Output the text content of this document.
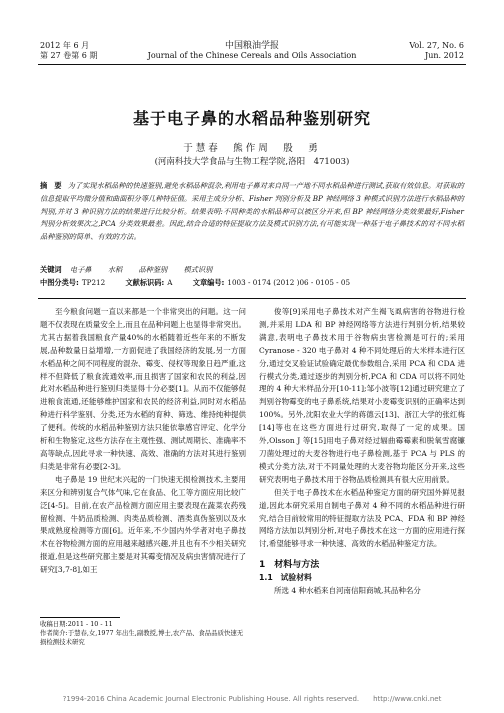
2012 年 6 月
第 27 卷第 6 期
中国粮油学报
Journal of the Chinese Cereals and Oils Association
Vol. 27, No. 6
Jun. 2012
基于电子鼻的水稻品种鉴别研究
于慧春　熊作周　殷　勇
(河南科技大学食品与生物工程学院,洛阳　471003)
摘　要 为了实现水稻品种的快速鉴别,避免水稻品种混杂,利用电子鼻对来自同一产地不同水稻品种进行测试,获取有效信息。对获取的信息提取平均微分值和曲面积分等几种特征值。采用主成分分析、Fisher 判别分析及 BP 神经网络 3 种模式识别方法进行水稻品种的判别,并对 3 种识别方法的结果进行比较分析。结果表明:不同种类的水稻品种可以被区分开来,但 BP 神经网络分类效果最好,Fisher 判别分析效果次之,PCA 分类效果最差。因此,结合合适的特征提取方法及模式识别方法,有可能实现一种基于电子鼻技术的对不同水稻品种鉴别的简单、有效的方法。
关键词 电子鼻 水稻 品种鉴别 模式识别
中图分类号: TP212	文献标识码: A	文章编号: 1003 - 0174 (2012 )06 - 0105 - 05

至今粮食问题一直以来都是一个非常突出的问题。这一问题不仅表现在质量安全上,而且在品种问题上也显得非常突出。尤其古据着我国粮食产量40%的水稻随着近些年来的不断发展,品种数量日益增增,一方面促进了我国经济的发展,另一方面水稻品种之间不同程度的混杂、霉变、侵权等现象日趋严重,这样不但降低了粮食流通效率,而且损害了国家和农民的利益,因此对水稻品种进行鉴别归类显得十分必要[1]。从而不仅能够促进粮食流通,还能够维护国家和农民的经济利益,同时对水稻品种进行科学鉴别、分类,还为水稻的育种、筛选、维持纯种提供了便利。传统的水稻品种鉴别方法只能依靠感官评定、化学分析和生物鉴定,这些方法存在主观性强、测试周期长、准确率不高等缺点,因此寻求一种快速、高效、准确的方法对其进行鉴别归类是非常有必要[2-3]。

电子鼻是 19 世纪末兴起的一门快速无损检测技术,主要用来区分和辨别复合气体气味,它在食品、化工等方面应用比较广泛[4-5]。目前,在农产品检测方面应用主要表现在蔬菜农药残留检测、牛奶品质检测、肉类品质检测、酒类真伪鉴别以及水果成熟度检测等方面[6]。近年来,不少国内外学者对电子鼻技术在谷物检测方面的应用越来越感兴趣,并且也有不少相关研究报道,但是这些研究都主要是对其霉变情况及病虫害情况进行了研究[3,7-8],如王

俊等[9]采用电子鼻技术对产生褐飞虱病害的谷物进行检测,并采用 LDA 和 BP 神经网络等方法进行判别分析,结果较满意,表明电子鼻技术用于谷物病虫害检测是可行的;采用 Cyranose - 320 电子鼻对 4 种不同处理后的大米样本进行区分,通过交叉验证试验确定最优参数组合,采用 PCA 和 CDA 进行模式分类,通过逐步的判别分析,PCA 和 CDA 可以将不同处理的 4 种大米样品分开[10-11];邹小波等[12]通过研究建立了判别谷物霉变的电子鼻系统,结果对小麦霉变识别的正确率达到 100%。另外,沈阳农业大学的蒋德云[13]、浙江大学的张红梅[14]等也在这些方面进行过研究,取得了一定的成果。国外,Olsson J 等[15]用电子鼻对经过辐曲霉霉素和脱氧雪腐镰刀菌处理过的大麦谷物进行电子鼻检测,基于 PCA 与 PLS 的模式分类方法,对于不同量处理的大麦谷物均能区分开来,这些研究表明电子鼻技术用于谷物品质检测具有很大应用前景。

但关于电子鼻技术在水稻品种鉴定方面的研究国外鲜见报道,因此本研究采用自制电子鼻对 4 种不同的水稻品种进行研究,结合目前较常用的特征提取方法及 PCA、FDA 和 BP 神经网络方法加以判别分析,对电子鼻技术在这一方面的应用进行探讨,希望能够寻求一种快速、高效的水稻品种鉴定方法。

1　材料与方法
1.1　试验材料

所选 4 种水稻来自河南信阳商城,其品种名分

收稿日期:2011 - 10 - 11
作者简介:于慧春,女,1977 年出生,副教授,博士,农产品、食品品质快速无损检测技术研究
?1994-2016 China Academic Journal Electronic Publishing House. All rights reserved.　　http://www.cnki.net
